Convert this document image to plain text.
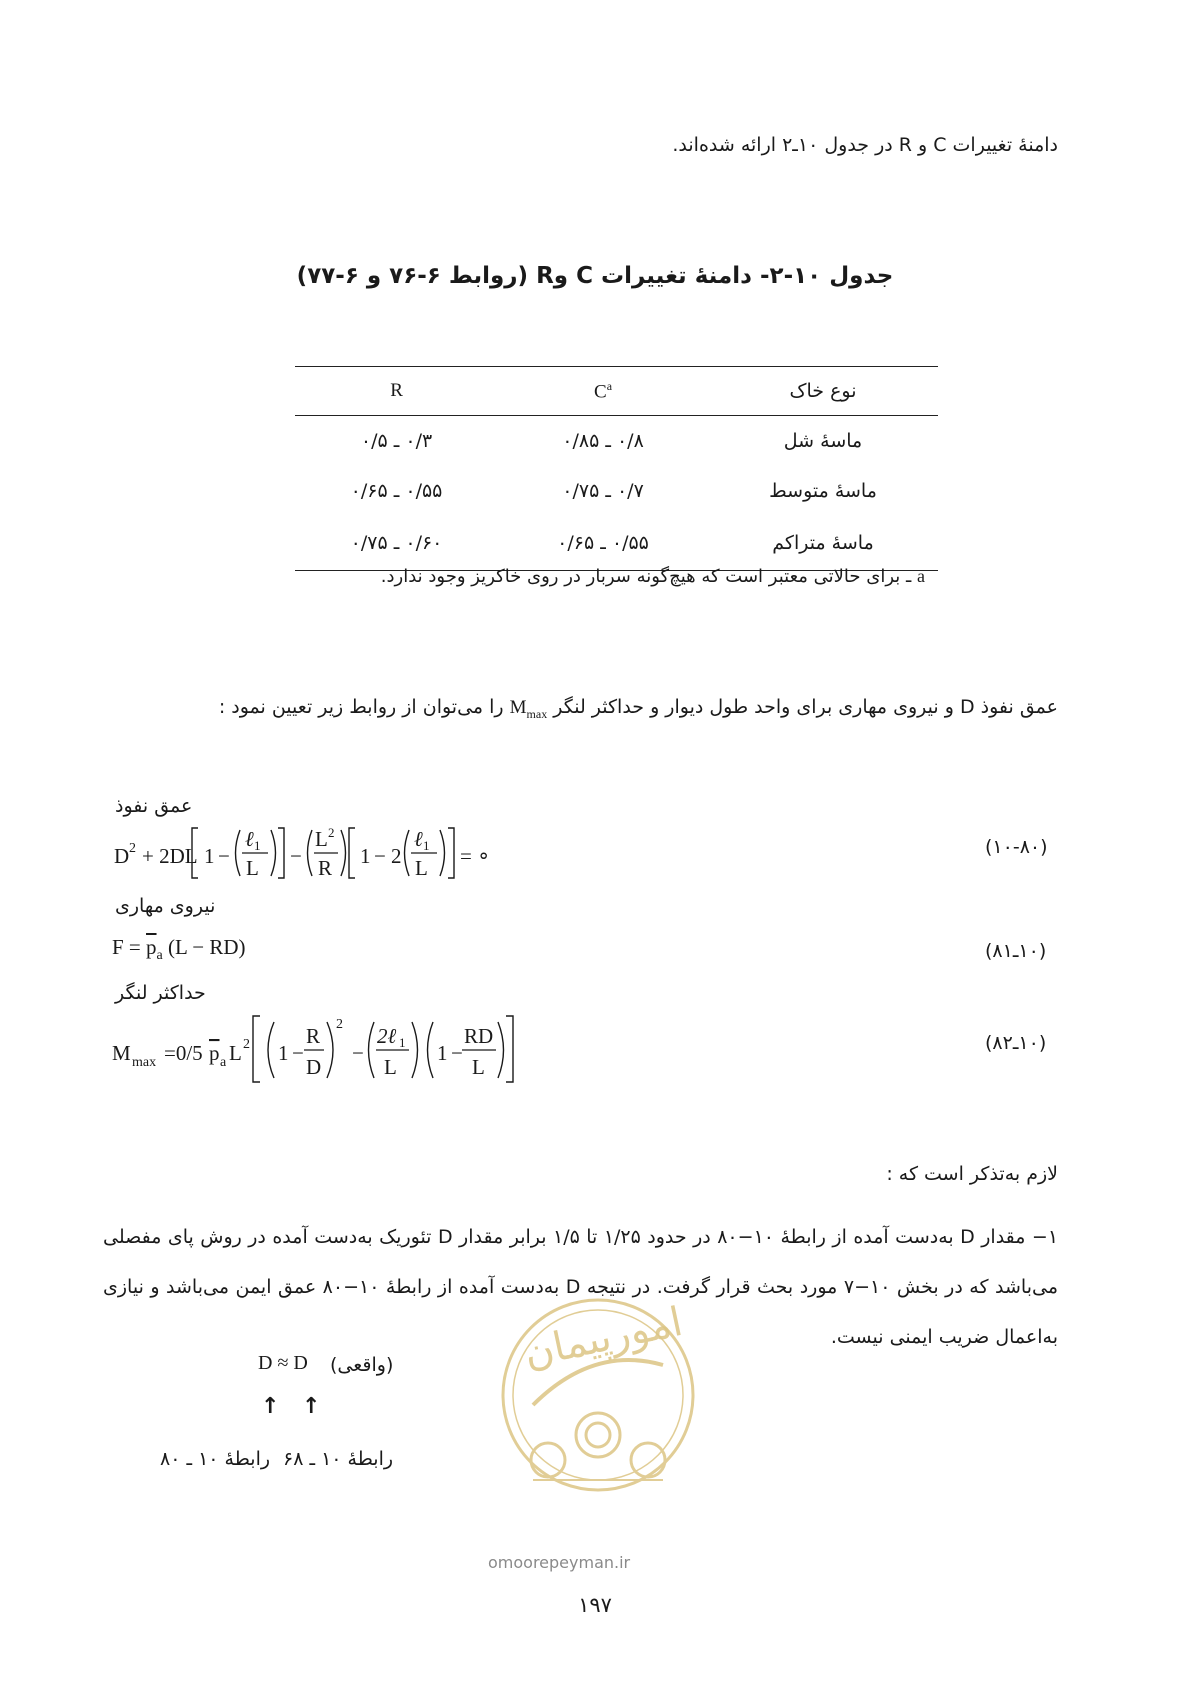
دامنهٔ تغییرات C و R در جدول ۱۰ـ۲ ارائه شده‌اند.
جدول ۱۰-۲- دامنهٔ تغییرات C وR (روابط ۶-۷۶ و ۶-۷۷)
نوع خاک	$C^a$	R
ماسهٔ شل	۰/۸ ـ ۰/۸۵	۰/۳ ـ ۰/۵
ماسهٔ متوسط	۰/۷ ـ ۰/۷۵	۰/۵۵ ـ ۰/۶۵
ماسهٔ متراکم	۰/۵۵ ـ ۰/۶۵	۰/۶۰ ـ ۰/۷۵
a ـ برای حالاتی معتبر است که هیچ‌گونه سربار در روی خاکریز وجود ندارد.
عمق نفوذ D و نیروی مهاری برای واحد طول دیوار و حداکثر لنگر $M_{max}$ را می‌توان از روابط زیر تعیین نمود :
عمق نفوذ
D 2 + 2DL 1 −
ℓ 1
L −
L 2
R 1 − 2
ℓ 1
L = ∘	(۱۰-۸۰)
نیروی مهاری
$F = \overline{p}_a$ (L − RD)	(۱۰ـ۸۱)
حداکثر لنگر
M max =0/5 p a L 2 1 −
R
D
2
−
2ℓ 1
L
1 −
RD
L
(۱۰ـ۸۲)
لازم به‌تذکر است که :
۱− مقدار D به‌دست آمده از رابطهٔ ۱۰−۸۰ در حدود ۱/۲۵ تا ۱/۵ برابر مقدار D تئوریک به‌دست آمده در روش پای مفصلی می‌باشد که در بخش ۱۰−۷ مورد بحث قرار گرفت. در نتیجه D به‌دست آمده از رابطهٔ ۱۰−۸۰ عمق ایمن می‌باشد و نیازی به‌اعمال ضریب ایمنی نیست.
D ≈ D (واقعی)
↑ ↑
رابطهٔ ۱۰ ـ ۶۸
رابطهٔ ۱۰ ـ ۸۰
امورپیمان
omoorepeyman.ir
۱۹۷
